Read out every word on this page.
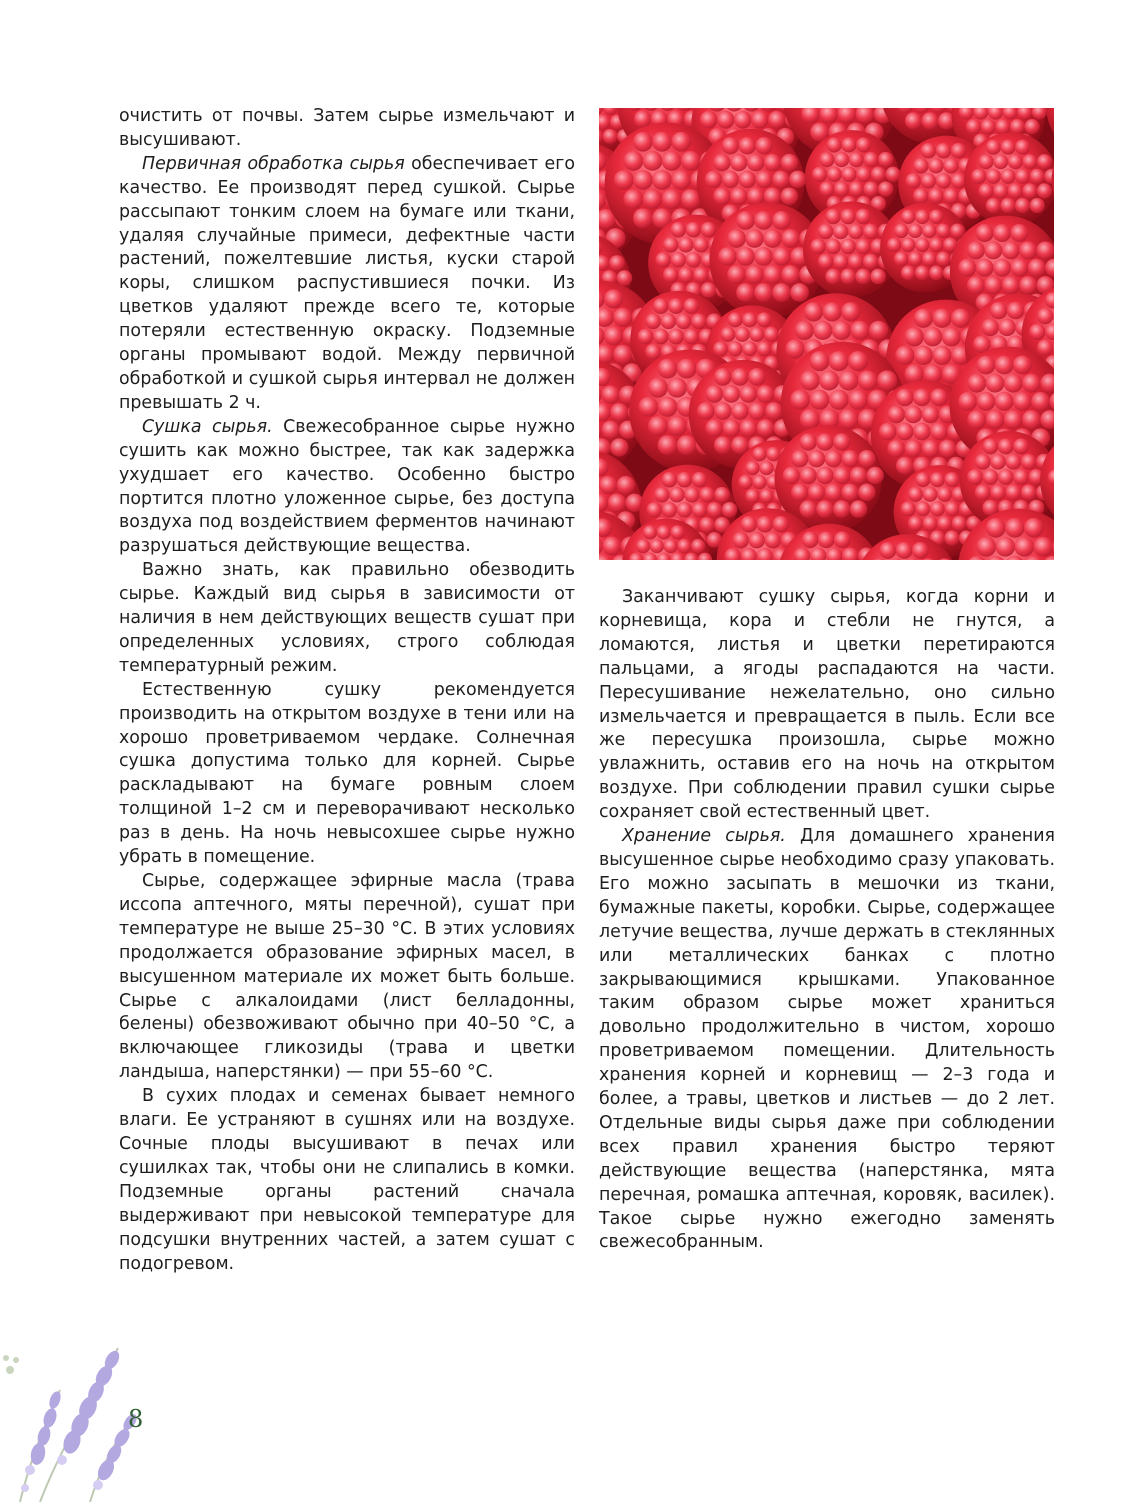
очистить от почвы. Затем сырье измельчают и высушивают.

Первичная обработка сырья обеспечивает его качество. Ее производят перед сушкой. Сырье рассыпают тонким слоем на бумаге или ткани, удаляя случайные примеси, дефектные части растений, пожелтевшие листья, куски старой коры, слишком распустившиеся почки. Из цветков удаляют прежде всего те, которые потеряли естественную окраску. Подземные органы промывают водой. Между первичной обработкой и сушкой сырья интервал не должен превышать 2 ч.

Сушка сырья. Свежесобранное сырье нужно сушить как можно быстрее, так как задержка ухудшает его качество. Особенно быстро портится плотно уложенное сырье, без доступа воздуха под воздействием ферментов начинают разрушаться действующие вещества.

Важно знать, как правильно обезводить сырье. Каждый вид сырья в зависимости от наличия в нем действующих веществ сушат при определенных условиях, строго соблюдая температурный режим.

Естественную сушку рекомендуется производить на открытом воздухе в тени или на хорошо проветриваемом чердаке. Солнечная сушка допустима только для корней. Сырье раскладывают на бумаге ровным слоем толщиной 1–2 см и переворачивают несколько раз в день. На ночь невысохшее сырье нужно убрать в помещение.

Сырье, содержащее эфирные масла (трава иссопа аптечного, мяты перечной), сушат при температуре не выше 25–30 °С. В этих условиях продолжается образование эфирных масел, в высушенном материале их может быть больше. Сырье с алкалоидами (лист белладонны, белены) обезвоживают обычно при 40–50 °С, а включающее гликозиды (трава и цветки ландыша, наперстянки) — при 55–60 °С.

В сухих плодах и семенах бывает немного влаги. Ее устраняют в сушнях или на воздухе. Сочные плоды высушивают в печах или сушилках так, чтобы они не слипались в комки. Подземные органы растений сначала выдерживают при невысокой температуре для подсушки внутренних частей, а затем сушат с подогревом.

Заканчивают сушку сырья, когда корни и корневища, кора и стебли не гнутся, а ломаются, листья и цветки перетираются пальцами, а ягоды распадаются на части. Пересушивание нежелательно, оно сильно измельчается и превращается в пыль. Если все же пересушка произошла, сырье можно увлажнить, оставив его на ночь на открытом воздухе. При соблюдении правил сушки сырье сохраняет свой естественный цвет.

Хранение сырья. Для домашнего хранения высушенное сырье необходимо сразу упаковать. Его можно засыпать в мешочки из ткани, бумажные пакеты, коробки. Сырье, содержащее летучие вещества, лучше держать в стеклянных или металлических банках с плотно закрывающимися крышками. Упакованное таким образом сырье может храниться довольно продолжительно в чистом, хорошо проветриваемом помещении. Длительность хранения корней и корневищ — 2–3 года и более, а травы, цветков и листьев — до 2 лет. Отдельные виды сырья даже при соблюдении всех правил хранения быстро теряют действующие вещества (наперстянка, мята перечная, ромашка аптечная, коровяк, василек). Такое сырье нужно ежегодно заменять свежесобранным.

8
